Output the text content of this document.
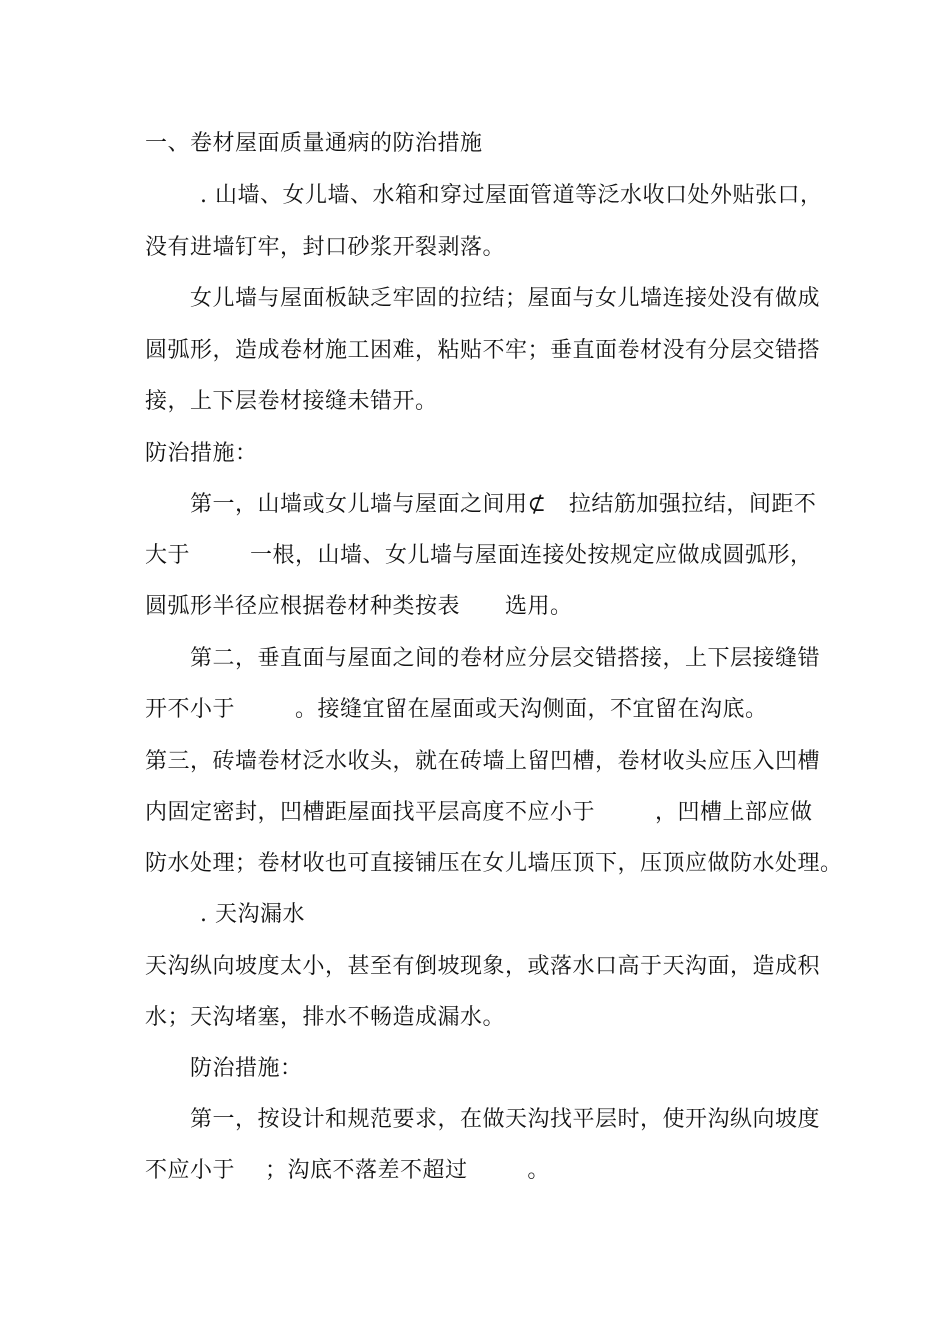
一、卷材屋面质量通病的防治措施
. 山墙、女儿墙、水箱和穿过屋面管道等泛水收口处外贴张口，
没有进墙钉牢，封口砂浆开裂剥落。
女儿墙与屋面板缺乏牢固的拉结；屋面与女儿墙连接处没有做成
圆弧形，造成卷材施工困难，粘贴不牢；垂直面卷材没有分层交错搭
接，上下层卷材接缝未错开。
防治措施：
第一，山墙或女儿墙与屋面之间用⊄   拉结筋加强拉结，间距不
大于        一根，山墙、女儿墙与屋面连接处按规定应做成圆弧形，
圆弧形半径应根据卷材种类按表      选用。
第二，垂直面与屋面之间的卷材应分层交错搭接，上下层接缝错
开不小于        。接缝宜留在屋面或天沟侧面，不宜留在沟底。
第三，砖墙卷材泛水收头，就在砖墙上留凹槽，卷材收头应压入凹槽
内固定密封，凹槽距屋面找平层高度不应小于        ，凹槽上部应做
防水处理；卷材收也可直接铺压在女儿墙压顶下，压顶应做防水处理。
. 天沟漏水
天沟纵向坡度太小，甚至有倒坡现象，或落水口高于天沟面，造成积
水；天沟堵塞，排水不畅造成漏水。
防治措施：
第一，按设计和规范要求，在做天沟找平层时，使开沟纵向坡度
不应小于    ；沟底不落差不超过        。
